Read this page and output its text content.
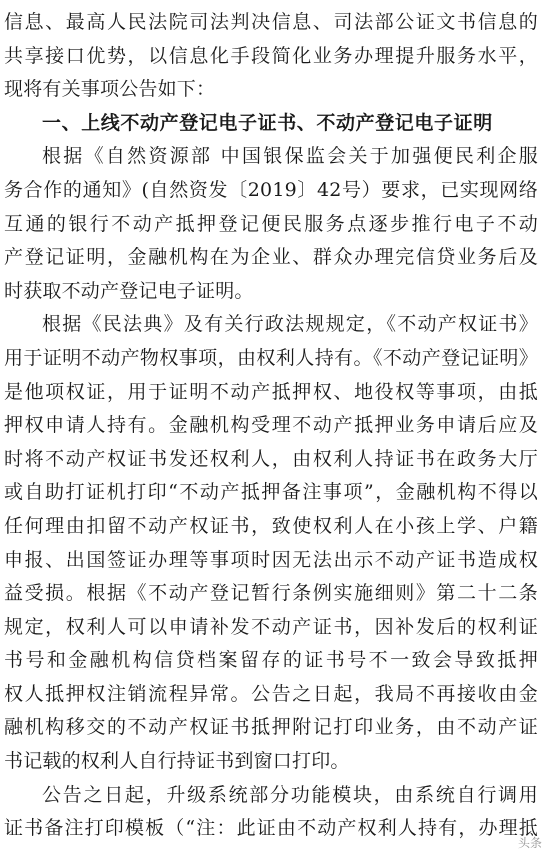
信息、最高人民法院司法判决信息、司法部公证文书信息的
共享接口优势，以信息化手段简化业务办理提升服务水平，
现将有关事项公告如下：
一、上线不动产登记电子证书、不动产登记电子证明
根据《自然资源部 中国银保监会关于加强便民利企服
务合作的通知》(自然资发〔2019〕42号）要求，已实现网络
互通的银行不动产抵押登记便民服务点逐步推行电子不动
产登记证明，金融机构在为企业、群众办理完信贷业务后及
时获取不动产登记电子证明。
根据《民法典》及有关行政法规规定，《不动产权证书》
用于证明不动产物权事项，由权利人持有。《不动产登记证明》
是他项权证，用于证明不动产抵押权、地役权等事项，由抵
押权申请人持有。金融机构受理不动产抵押业务申请后应及
时将不动产权证书发还权利人，由权利人持证书在政务大厅
或自助打证机打印“不动产抵押备注事项”，金融机构不得以
任何理由扣留不动产权证书，致使权利人在小孩上学、户籍
申报、出国签证办理等事项时因无法出示不动产证书造成权
益受损。根据《不动产登记暂行条例实施细则》第二十二条
规定，权利人可以申请补发不动产证书，因补发后的权利证
书号和金融机构信贷档案留存的证书号不一致会导致抵押
权人抵押权注销流程异常。公告之日起，我局不再接收由金
融机构移交的不动产权证书抵押附记打印业务，由不动产证
书记载的权利人自行持证书到窗口打印。
公告之日起，升级系统部分功能模块，由系统自行调用
证书备注打印模板（“注：此证由不动产权利人持有，办理抵
头条
